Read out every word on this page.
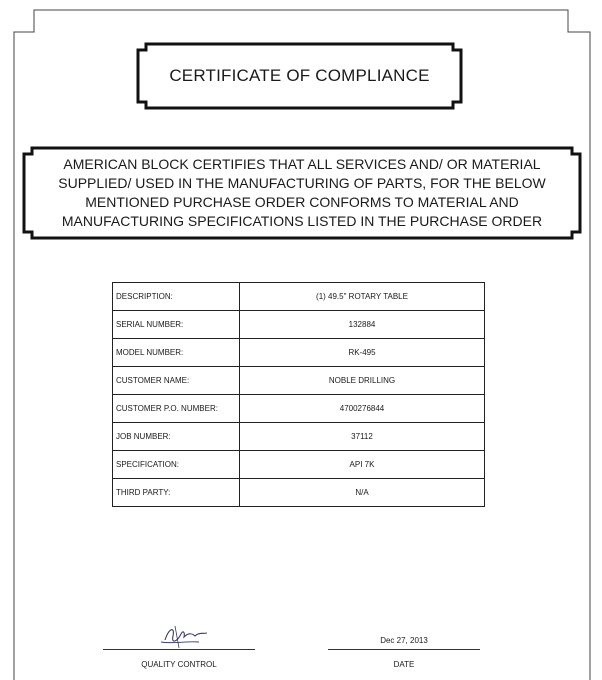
CERTIFICATE OF COMPLIANCE
AMERICAN BLOCK CERTIFIES THAT ALL SERVICES AND/ OR MATERIAL SUPPLIED/ USED IN THE MANUFACTURING OF PARTS, FOR THE BELOW MENTIONED PURCHASE ORDER CONFORMS TO MATERIAL AND MANUFACTURING SPECIFICATIONS LISTED IN THE PURCHASE ORDER
DESCRIPTION:	(1) 49.5" ROTARY TABLE
SERIAL NUMBER:	132884
MODEL NUMBER:	RK-495
CUSTOMER NAME:	NOBLE DRILLING
CUSTOMER P.O. NUMBER:	4700276844
JOB NUMBER:	37112
SPECIFICATION:	API 7K
THIRD PARTY:	N/A
QUALITY CONTROL
Dec 27, 2013
DATE
